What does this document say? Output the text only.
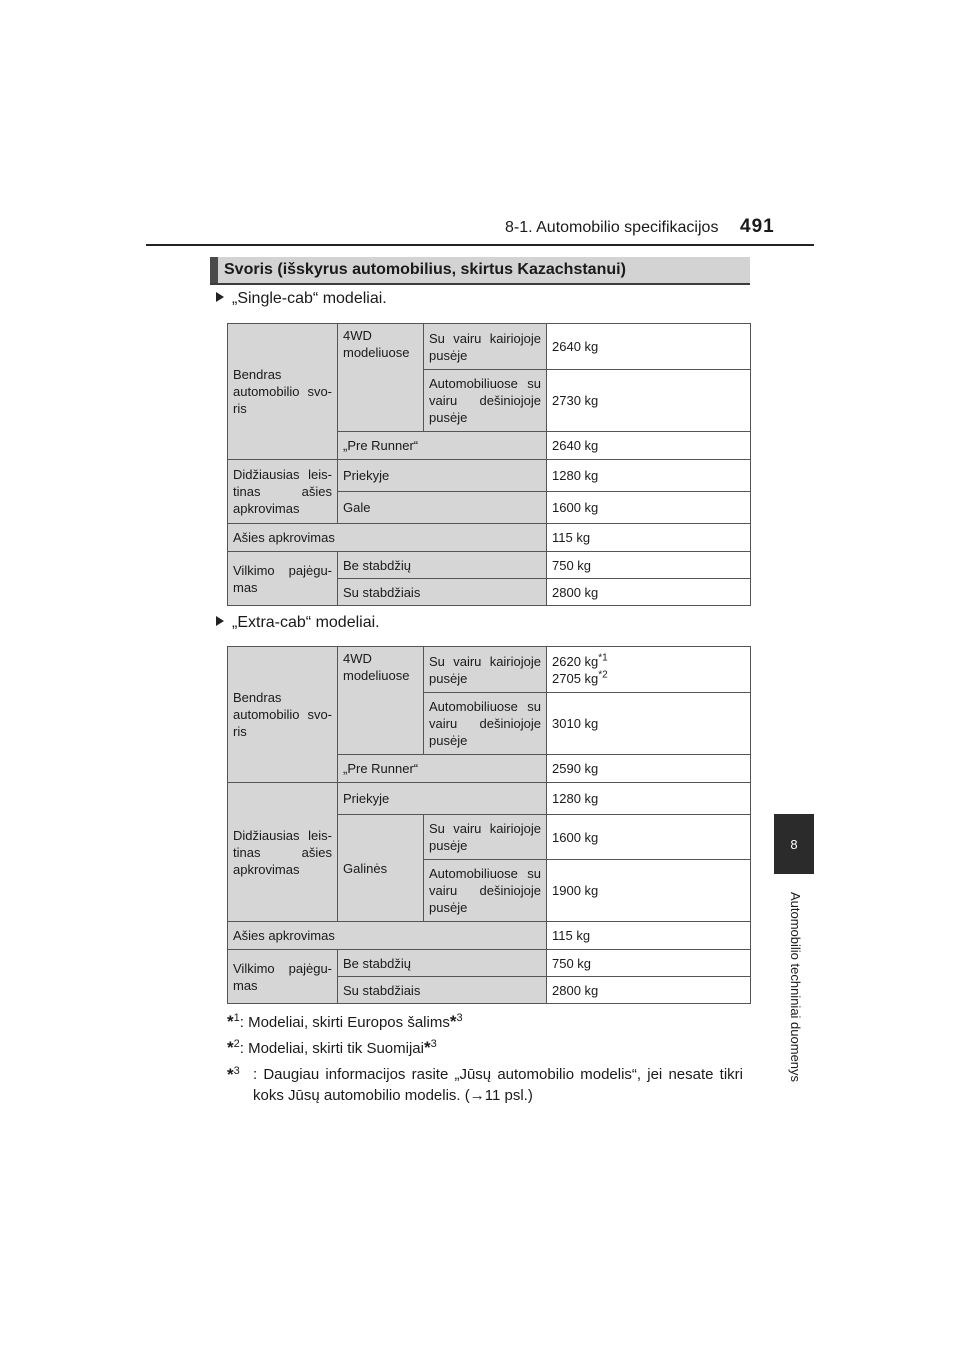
8-1. Automobilio specifikacijos 491
8
Automobilio techniniai duomenys
Svoris (išskyrus automobilius, skirtus Kazachstanui)
„Single-cab“ modeliai.
Bendras automobilio svo-ris	4WD modeliuose	Su vairu kairiojoje pusėje	2640 kg
		Automobiliuose su vairu dešiniojoje pusėje	2730 kg
	„Pre Runner“		2640 kg
Didžiausias leis-tinas ašies apkrovimas	Priekyje		1280 kg
	Gale		1600 kg
Ašies apkrovimas			115 kg
Vilkimo pajėgu-mas	Be stabdžių		750 kg
	Su stabdžiais		2800 kg
„Extra-cab“ modeliai.
Bendras automobilio svo-ris	4WD modeliuose	Su vairu kairiojoje pusėje	2620 $kg^{*1}$
2705 $kg^{*2}$
		Automobiliuose su vairu dešiniojoje pusėje	3010 kg
	„Pre Runner“		2590 kg
Didžiausias leis-tinas ašies apkrovimas	Priekyje		1280 kg
	Galinės	Su vairu kairiojoje pusėje	1600 kg
		Automobiliuose su vairu dešiniojoje pusėje	1900 kg
Ašies apkrovimas			115 kg
Vilkimo pajėgu-mas	Be stabdžių		750 kg
	Su stabdžiais		2800 kg
*$^1$: Modeliai, skirti Europos šalims*$^3$
*$^2$: Modeliai, skirti tik Suomijai*$^3$
*$^3$ : Daugiau informacijos rasite „Jūsų automobilio modelis“, jei nesate tikri koks Jūsų automobilio modelis. (→11 psl.)
